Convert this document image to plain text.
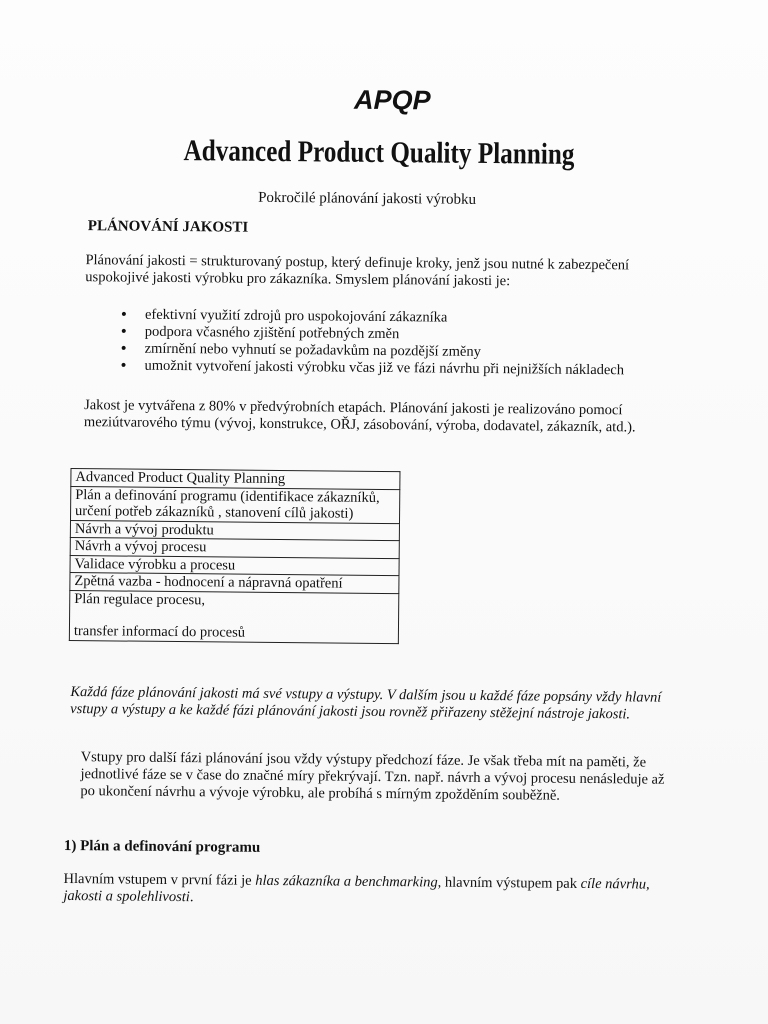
APQP
Advanced Product Quality Planning
Pokročilé plánování jakosti výrobku
PLÁNOVÁNÍ JAKOSTI
Plánování jakosti = strukturovaný postup, který definuje kroky, jenž jsou nutné k zabezpečení uspokojivé jakosti výrobku pro zákazníka. Smyslem plánování jakosti je:
• efektivní využití zdrojů pro uspokojování zákazníka
• podpora včasného zjištění potřebných změn
• zmírnění nebo vyhnutí se požadavkům na pozdější změny
• umožnit vytvoření jakosti výrobku včas již ve fázi návrhu při nejnižších nákladech
Jakost je vytvářena z 80% v předvýrobních etapách. Plánování jakosti je realizováno pomocí meziútvarového týmu (vývoj, konstrukce, OŘJ, zásobování, výroba, dodavatel, zákazník, atd.).
Advanced Product Quality Planning
Plán a definování programu (identifikace zákazníků, určení potřeb zákazníků , stanovení cílů jakosti)
Návrh a vývoj produktu
Návrh a vývoj procesu
Validace výrobku a procesu
Zpětná vazba - hodnocení a nápravná opatření
Plán regulace procesu,
transfer informací do procesů
Každá fáze plánování jakosti má své vstupy a výstupy. V dalším jsou u každé fáze popsány vždy hlavní vstupy a výstupy a ke každé fázi plánování jakosti jsou rovněž přiřazeny stěžejní nástroje jakosti.
Vstupy pro další fázi plánování jsou vždy výstupy předchozí fáze. Je však třeba mít na paměti, že jednotlivé fáze se v čase do značné míry překrývají. Tzn. např. návrh a vývoj procesu nenásleduje až po ukončení návrhu a vývoje výrobku, ale probíhá s mírným zpožděním souběžně.
1) Plán a definování programu
Hlavním vstupem v první fázi je hlas zákazníka a benchmarking, hlavním výstupem pak cíle návrhu, jakosti a spolehlivosti.
